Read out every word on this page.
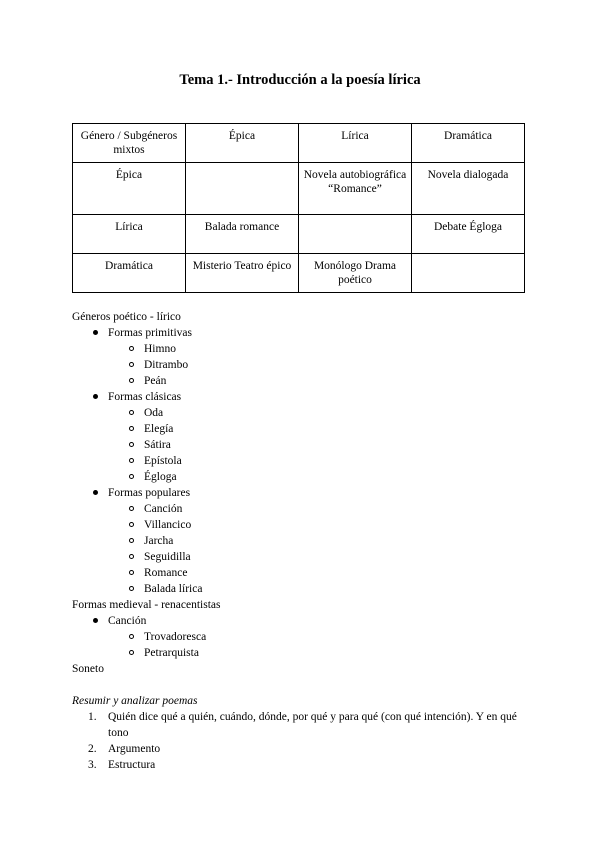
Tema 1.- Introducción a la poesía lírica
Género / Subgéneros mixtos	Épica	Lírica	Dramática
Épica		Novela autobiográfica “Romance”	Novela dialogada
Lírica	Balada romance		Debate Égloga
Dramática	Misterio Teatro épico	Monólogo Drama poético	
Géneros poético - lírico
Formas primitivas
Himno
Ditrambo
Peán
Formas clásicas
Oda
Elegía
Sátira
Epístola
Égloga
Formas populares
Canción
Villancico
Jarcha
Seguidilla
Romance
Balada lírica
Formas medieval - renacentistas
Canción
Trovadoresca
Petrarquista
Soneto
Resumir y analizar poemas
1. Quién dice qué a quién, cuándo, dónde, por qué y para qué (con qué intención). Y en qué tono
2. Argumento
3. Estructura
